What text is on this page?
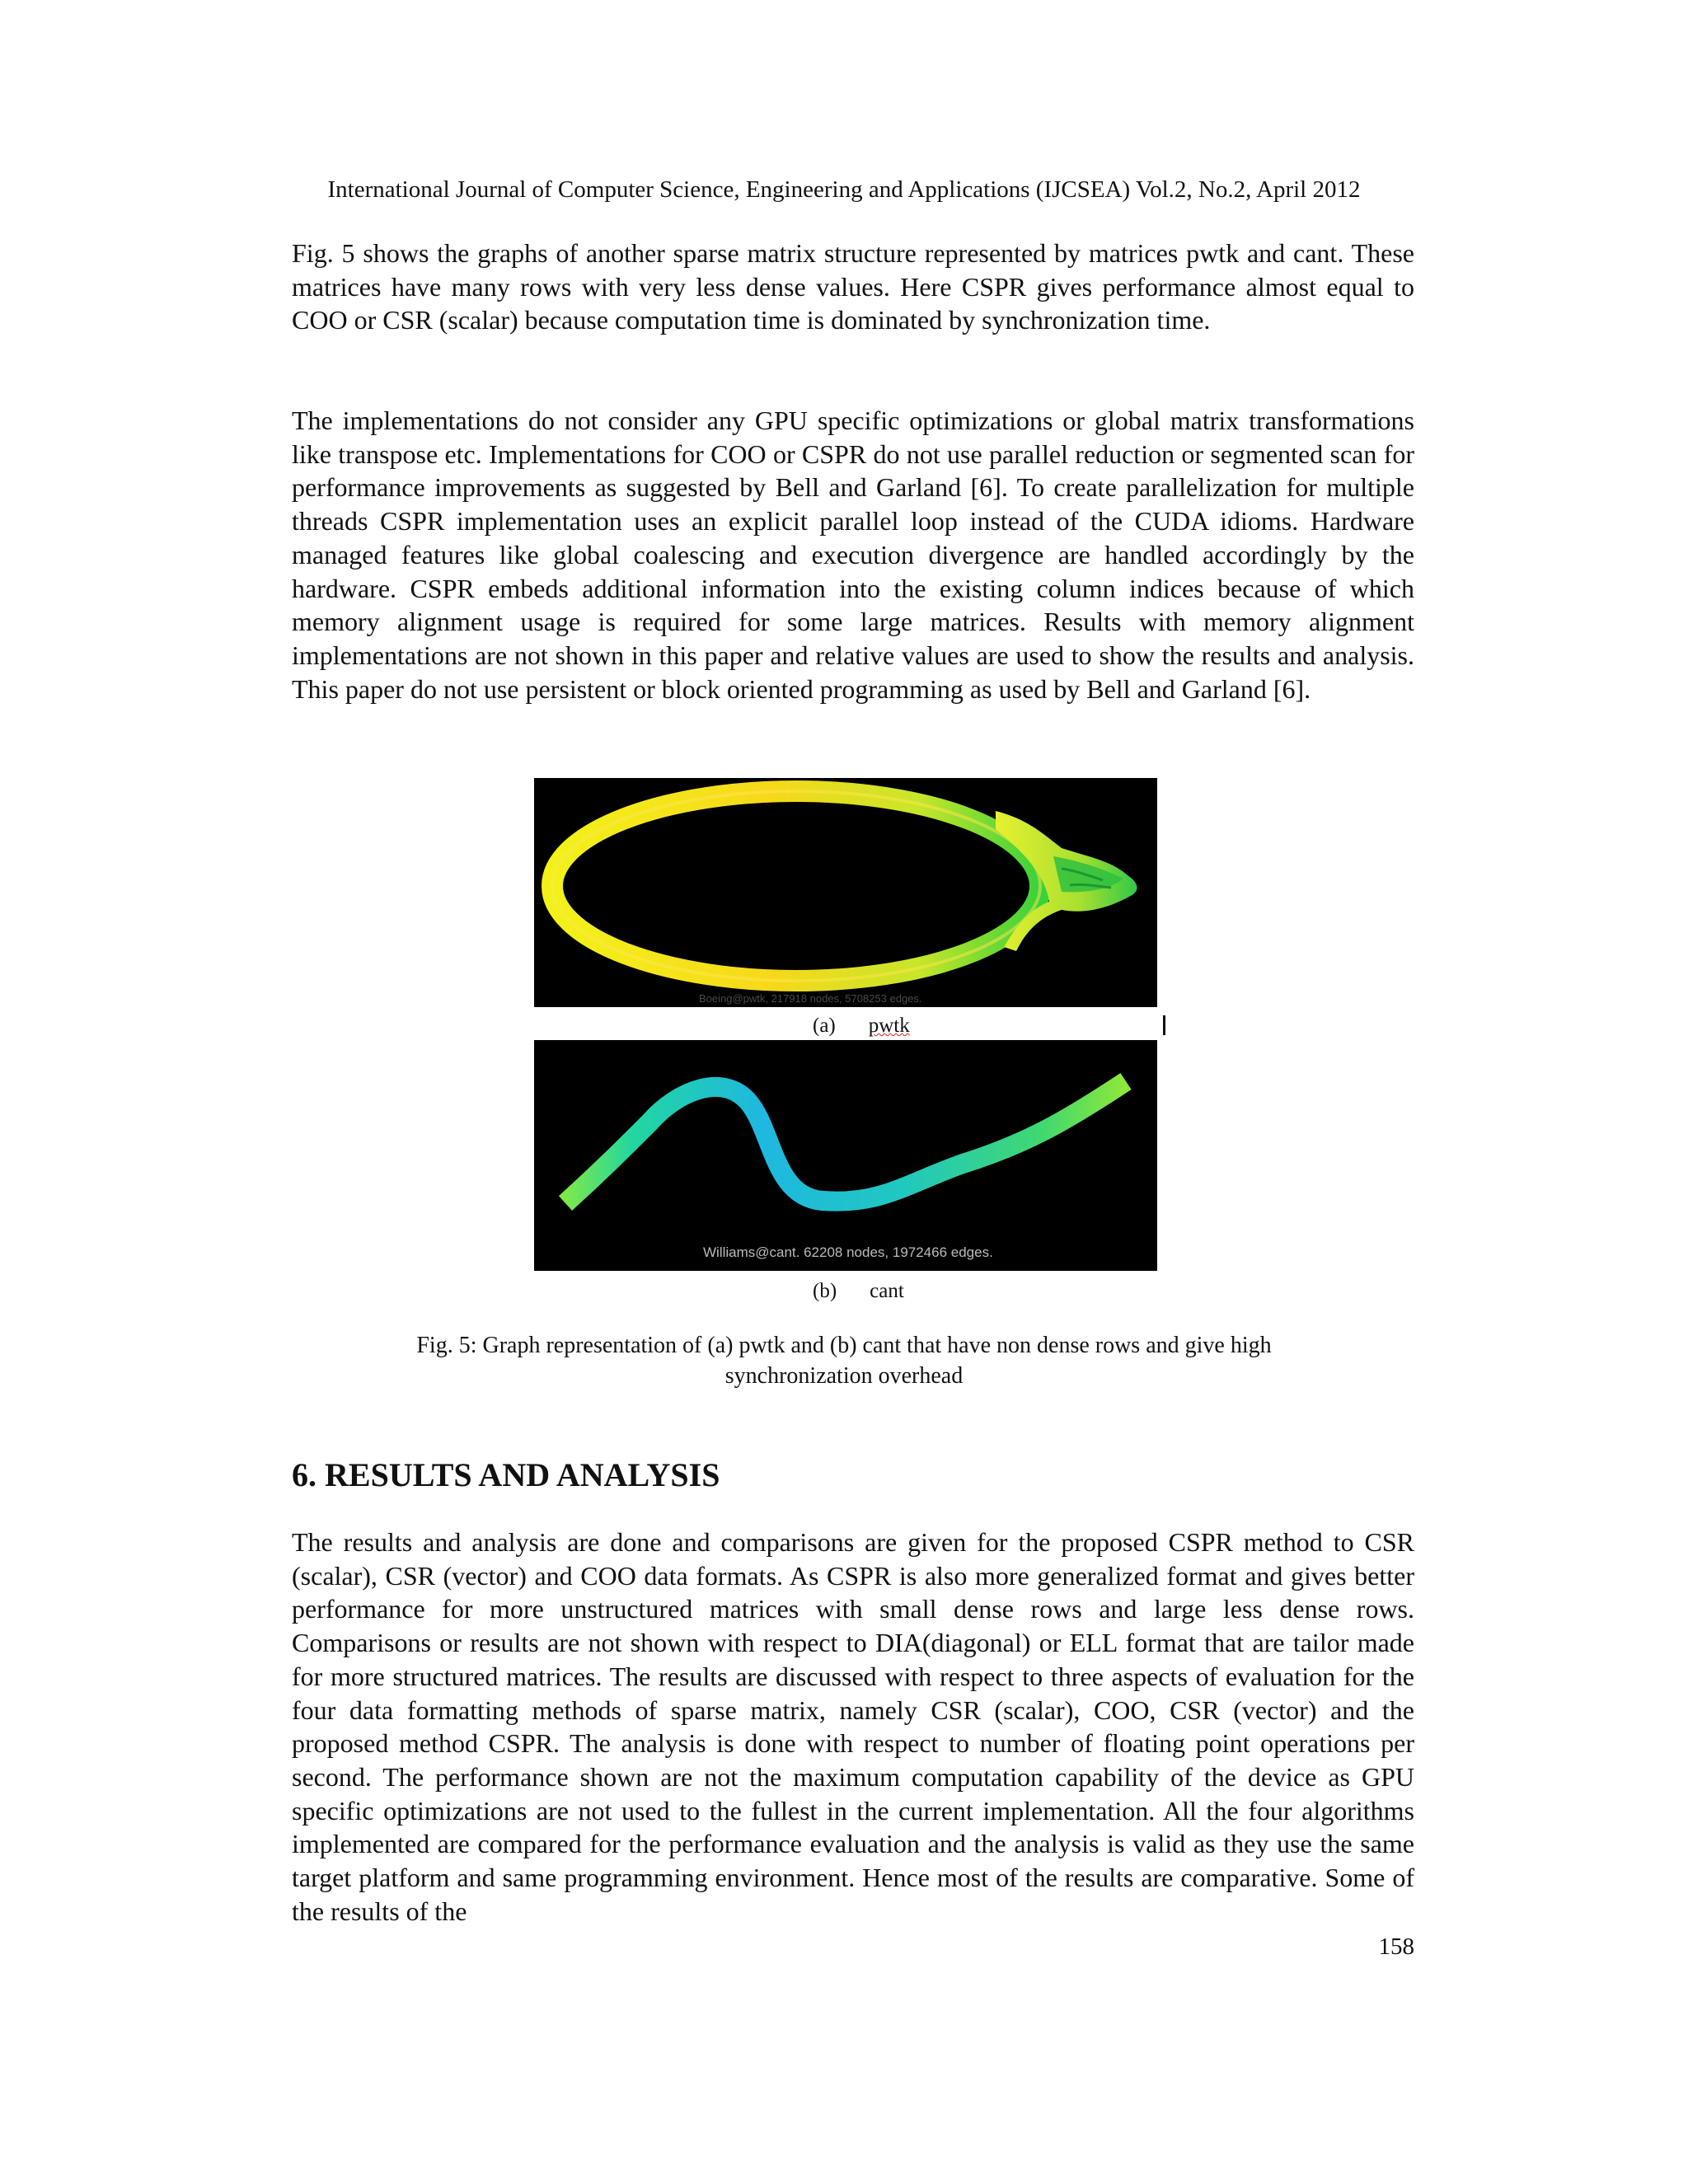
International Journal of Computer Science, Engineering and Applications (IJCSEA) Vol.2, No.2, April 2012

Fig. 5 shows the graphs of another sparse matrix structure represented by matrices pwtk and cant. These matrices have many rows with very less dense values. Here CSPR gives performance almost equal to COO or CSR (scalar) because computation time is dominated by synchronization time.

The implementations do not consider any GPU specific optimizations or global matrix transformations like transpose etc. Implementations for COO or CSPR do not use parallel reduction or segmented scan for performance improvements as suggested by Bell and Garland [6]. To create parallelization for multiple threads CSPR implementation uses an explicit parallel loop instead of the CUDA idioms. Hardware managed features like global coalescing and execution divergence are handled accordingly by the hardware. CSPR embeds additional information into the existing column indices because of which memory alignment usage is required for some large matrices. Results with memory alignment implementations are not shown in this paper and relative values are used to show the results and analysis. This paper do not use persistent or block oriented programming as used by Bell and Garland [6].

Boeing@pwtk, 217918 nodes, 5708253 edges.
(a) pwtk
Williams@cant. 62208 nodes, 1972466 edges.
(b) cant
Fig. 5: Graph representation of (a) pwtk and (b) cant that have non dense rows and give high
synchronization overhead
6. RESULTS AND ANALYSIS

The results and analysis are done and comparisons are given for the proposed CSPR method to CSR (scalar), CSR (vector) and COO data formats. As CSPR is also more generalized format and gives better performance for more unstructured matrices with small dense rows and large less dense rows. Comparisons or results are not shown with respect to DIA(diagonal) or ELL format that are tailor made for more structured matrices. The results are discussed with respect to three aspects of evaluation for the four data formatting methods of sparse matrix, namely CSR (scalar), COO, CSR (vector) and the proposed method CSPR. The analysis is done with respect to number of floating point operations per second. The performance shown are not the maximum computation capability of the device as GPU specific optimizations are not used to the fullest in the current implementation. All the four algorithms implemented are compared for the performance evaluation and the analysis is valid as they use the same target platform and same programming environment. Hence most of the results are comparative. Some of the results of the

158
